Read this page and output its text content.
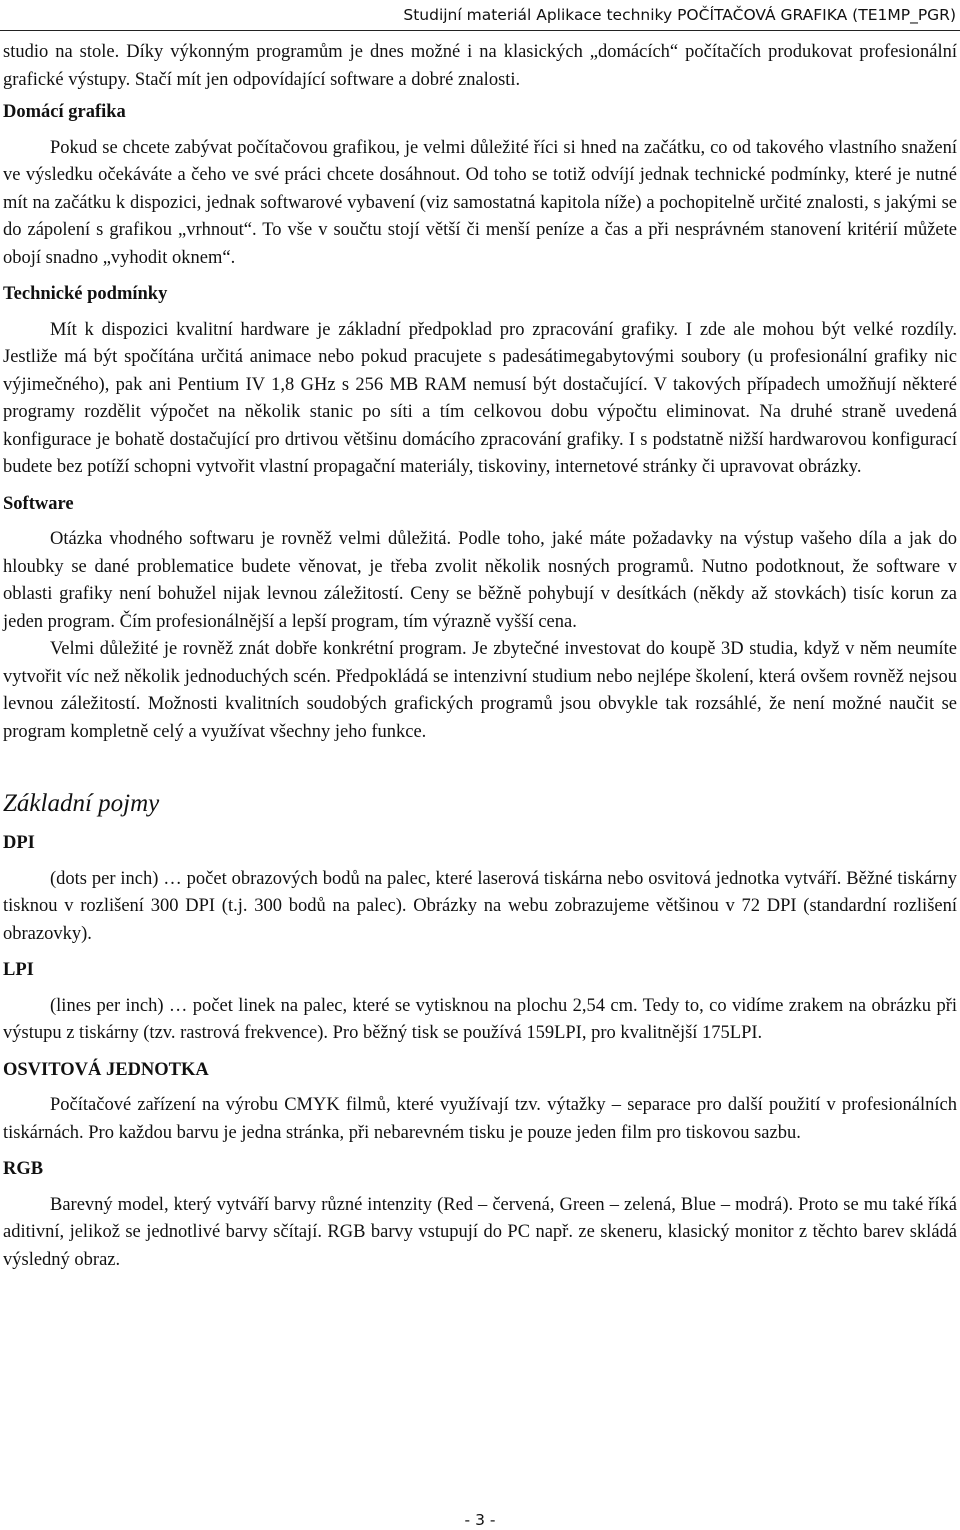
Studijní materiál Aplikace techniky POČÍTAČOVÁ GRAFIKA (TE1MP_PGR)

studio na stole. Díky výkonným programům je dnes možné i na klasických „domácích“ počítačích produkovat profesionální grafické výstupy. Stačí mít jen odpovídající software a dobré znalosti.

Domácí grafika

Pokud se chcete zabývat počítačovou grafikou, je velmi důležité říci si hned na začátku, co od takového vlastního snažení ve výsledku očekáváte a čeho ve své práci chcete dosáhnout. Od toho se totiž odvíjí jednak technické podmínky, které je nutné mít na začátku k dispozici, jednak softwarové vybavení (viz samostatná kapitola níže) a pochopitelně určité znalosti, s jakými se do zápolení s grafikou „vrhnout“. To vše v součtu stojí větší či menší peníze a čas a při nesprávném stanovení kritérií můžete obojí snadno „vyhodit oknem“.

Technické podmínky

Mít k dispozici kvalitní hardware je základní předpoklad pro zpracování grafiky. I zde ale mohou být velké rozdíly. Jestliže má být spočítána určitá animace nebo pokud pracujete s padesátimegabytovými soubory (u profesionální grafiky nic výjimečného), pak ani Pentium IV 1,8 GHz s 256 MB RAM nemusí být dostačující. V takových případech umožňují některé programy rozdělit výpočet na několik stanic po síti a tím celkovou dobu výpočtu eliminovat. Na druhé straně uvedená konfigurace je bohatě dostačující pro drtivou většinu domácího zpracování grafiky. I s podstatně nižší hardwarovou konfigurací budete bez potíží schopni vytvořit vlastní propagační materiály, tiskoviny, internetové stránky či upravovat obrázky.

Software

Otázka vhodného softwaru je rovněž velmi důležitá. Podle toho, jaké máte požadavky na výstup vašeho díla a jak do hloubky se dané problematice budete věnovat, je třeba zvolit několik nosných programů. Nutno podotknout, že software v oblasti grafiky není bohužel nijak levnou záležitostí. Ceny se běžně pohybují v desítkách (někdy až stovkách) tisíc korun za jeden program. Čím profesionálnější a lepší program, tím výrazně vyšší cena.

Velmi důležité je rovněž znát dobře konkrétní program. Je zbytečné investovat do koupě 3D studia, když v něm neumíte vytvořit víc než několik jednoduchých scén. Předpokládá se intenzivní studium nebo nejlépe školení, která ovšem rovněž nejsou levnou záležitostí. Možnosti kvalitních soudobých grafických programů jsou obvykle tak rozsáhlé, že není možné naučit se program kompletně celý a využívat všechny jeho funkce.

Základní pojmy
DPI

(dots per inch) … počet obrazových bodů na palec, které laserová tiskárna nebo osvitová jednotka vytváří. Běžné tiskárny tisknou v rozlišení 300 DPI (t.j. 300 bodů na palec). Obrázky na webu zobrazujeme většinou v 72 DPI (standardní rozlišení obrazovky).

LPI

(lines per inch) … počet linek na palec, které se vytisknou na plochu 2,54 cm. Tedy to, co vidíme zrakem na obrázku při výstupu z tiskárny (tzv. rastrová frekvence). Pro běžný tisk se používá 159LPI, pro kvalitnější 175LPI.

OSVITOVÁ JEDNOTKA

Počítačové zařízení na výrobu CMYK filmů, které využívají tzv. výtažky – separace pro další použití v profesionálních tiskárnách. Pro každou barvu je jedna stránka, při nebarevném tisku je pouze jeden film pro tiskovou sazbu.

RGB

Barevný model, který vytváří barvy různé intenzity (Red – červená, Green – zelená, Blue – modrá). Proto se mu také říká aditivní, jelikož se jednotlivé barvy sčítají. RGB barvy vstupují do PC např. ze skeneru, klasický monitor z těchto barev skládá výsledný obraz.

- 3 -
